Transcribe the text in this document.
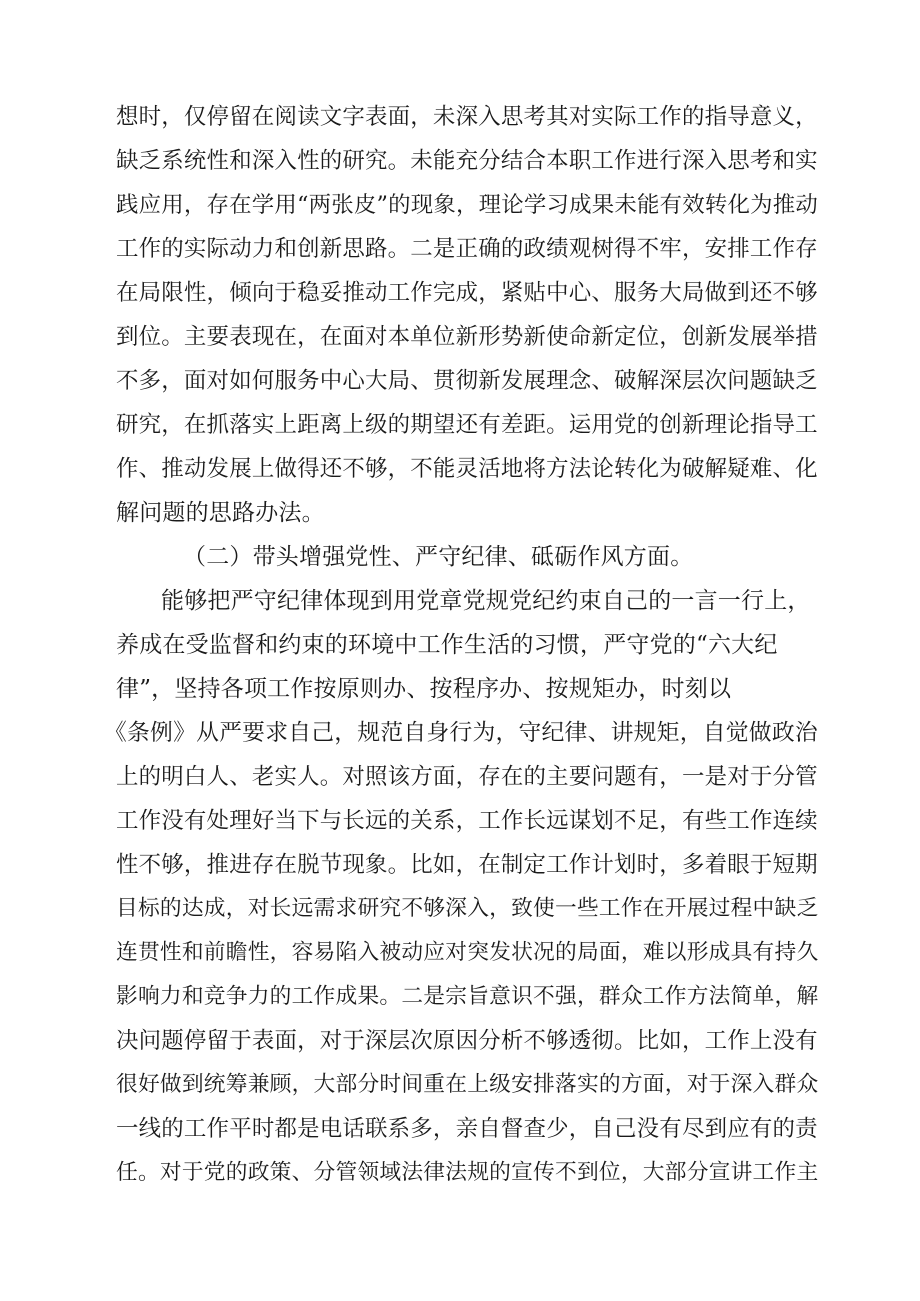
想时，仅停留在阅读文字表面，未深入思考其对实际工作的指导意义，
缺乏系统性和深入性的研究。未能充分结合本职工作进行深入思考和实
践应用，存在学用“两张皮”的现象，理论学习成果未能有效转化为推动
工作的实际动力和创新思路。二是正确的政绩观树得不牢，安排工作存
在局限性，倾向于稳妥推动工作完成，紧贴中心、服务大局做到还不够
到位。主要表现在，在面对本单位新形势新使命新定位，创新发展举措
不多，面对如何服务中心大局、贯彻新发展理念、破解深层次问题缺乏
研究，在抓落实上距离上级的期望还有差距。运用党的创新理论指导工
作、推动发展上做得还不够，不能灵活地将方法论转化为破解疑难、化
解问题的思路办法。
（二）带头增强党性、严守纪律、砥砺作风方面。
能够把严守纪律体现到用党章党规党纪约束自己的一言一行上，
养成在受监督和约束的环境中工作生活的习惯，严守党的“六大纪
律”，坚持各项工作按原则办、按程序办、按规矩办，时刻以
《条例》从严要求自己，规范自身行为，守纪律、讲规矩，自觉做政治
上的明白人、老实人。对照该方面，存在的主要问题有，一是对于分管
工作没有处理好当下与长远的关系，工作长远谋划不足，有些工作连续
性不够，推进存在脱节现象。比如，在制定工作计划时，多着眼于短期
目标的达成，对长远需求研究不够深入，致使一些工作在开展过程中缺乏
连贯性和前瞻性，容易陷入被动应对突发状况的局面，难以形成具有持久
影响力和竞争力的工作成果。二是宗旨意识不强，群众工作方法简单，解
决问题停留于表面，对于深层次原因分析不够透彻。比如，工作上没有
很好做到统筹兼顾，大部分时间重在上级安排落实的方面，对于深入群众
一线的工作平时都是电话联系多，亲自督查少，自己没有尽到应有的责
任。对于党的政策、分管领域法律法规的宣传不到位，大部分宣讲工作主
